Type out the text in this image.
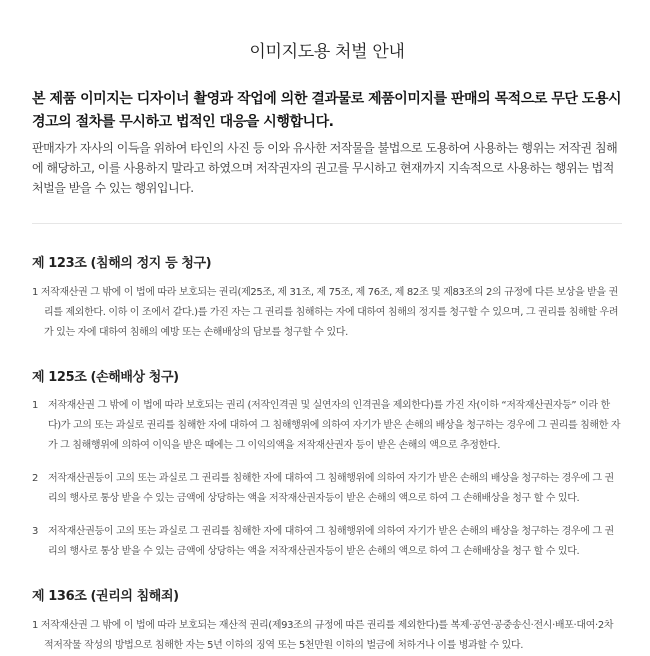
이미지도용 처벌 안내
본 제품 이미지는 디자이너 촬영과 작업에 의한 결과물로 제품이미지를 판매의 목적으로 무단 도용시 경고의 절차를 무시하고 법적인 대응을 시행합니다.
판매자가 자사의 이득을 위하여 타인의 사진 등 이와 유사한 저작물을 불법으로 도용하여 사용하는 행위는 저작권 침해에 해당하고, 이를 사용하지 말라고 하였으며 저작권자의 권고를 무시하고 현재까지 지속적으로 사용하는 행위는 법적 처벌을 받을 수 있는 행위입니다.
제 123조 (침해의 정지 등 청구)
1 저작재산권 그 밖에 이 법에 따라 보호되는 권리(제25조, 제 31조, 제 75조, 제 76조, 제 82조 및 제83조의 2의 규정에 다른 보상을 받을 권리를 제외한다. 이하 이 조에서 같다.)를 가진 자는 그 권리를 침해하는 자에 대하여 침해의 정지를 청구할 수 있으며, 그 권리를 침해할 우려가 있는 자에 대하여 침해의 예방 또는 손해배상의 담보를 청구할 수 있다.
제 125조 (손해배상 청구)
1 저작재산권 그 밖에 이 법에 따라 보호되는 권리 (저작인격권 및 실연자의 인격권을 제외한다)를 가진 자(이하 “저작재산권자등” 이라 한다)가 고의 또는 과실로 권리를 침해한 자에 대하여 그 침해행위에 의하여 자기가 받은 손해의 배상을 청구하는 경우에 그 권리를 침해한 자가 그 침해행위에 의하여 이익을 받은 때에는 그 이익의액을 저작재산권자 등이 받은 손해의 액으로 추정한다.
2 저작재산권등이 고의 또는 과실로 그 권리를 침해한 자에 대하여 그 침해행위에 의하여 자기가 받은 손해의 배상을 청구하는 경우에 그 권리의 행사로 통상 받을 수 있는 금액에 상당하는 액을 저작재산권자등이 받은 손해의 액으로 하여 그 손해배상을 청구 할 수 있다.
3 저작재산권등이 고의 또는 과실로 그 권리를 침해한 자에 대하여 그 침해행위에 의하여 자기가 받은 손해의 배상을 청구하는 경우에 그 권리의 행사로 통상 받을 수 있는 금액에 상당하는 액을 저작재산권자등이 받은 손해의 액으로 하여 그 손해배상을 청구 할 수 있다.
제 136조 (권리의 침해죄)
1 저작재산권 그 밖에 이 법에 따라 보호되는 재산적 권리(제93조의 규정에 따른 권리를 제외한다)를 복제·공연·공중송신·전시·배포·대여·2차적저작물 작성의 방법으로 침해한 자는 5년 이하의 징역 또는 5천만원 이하의 벌금에 처하거나 이를 병과할 수 있다.
